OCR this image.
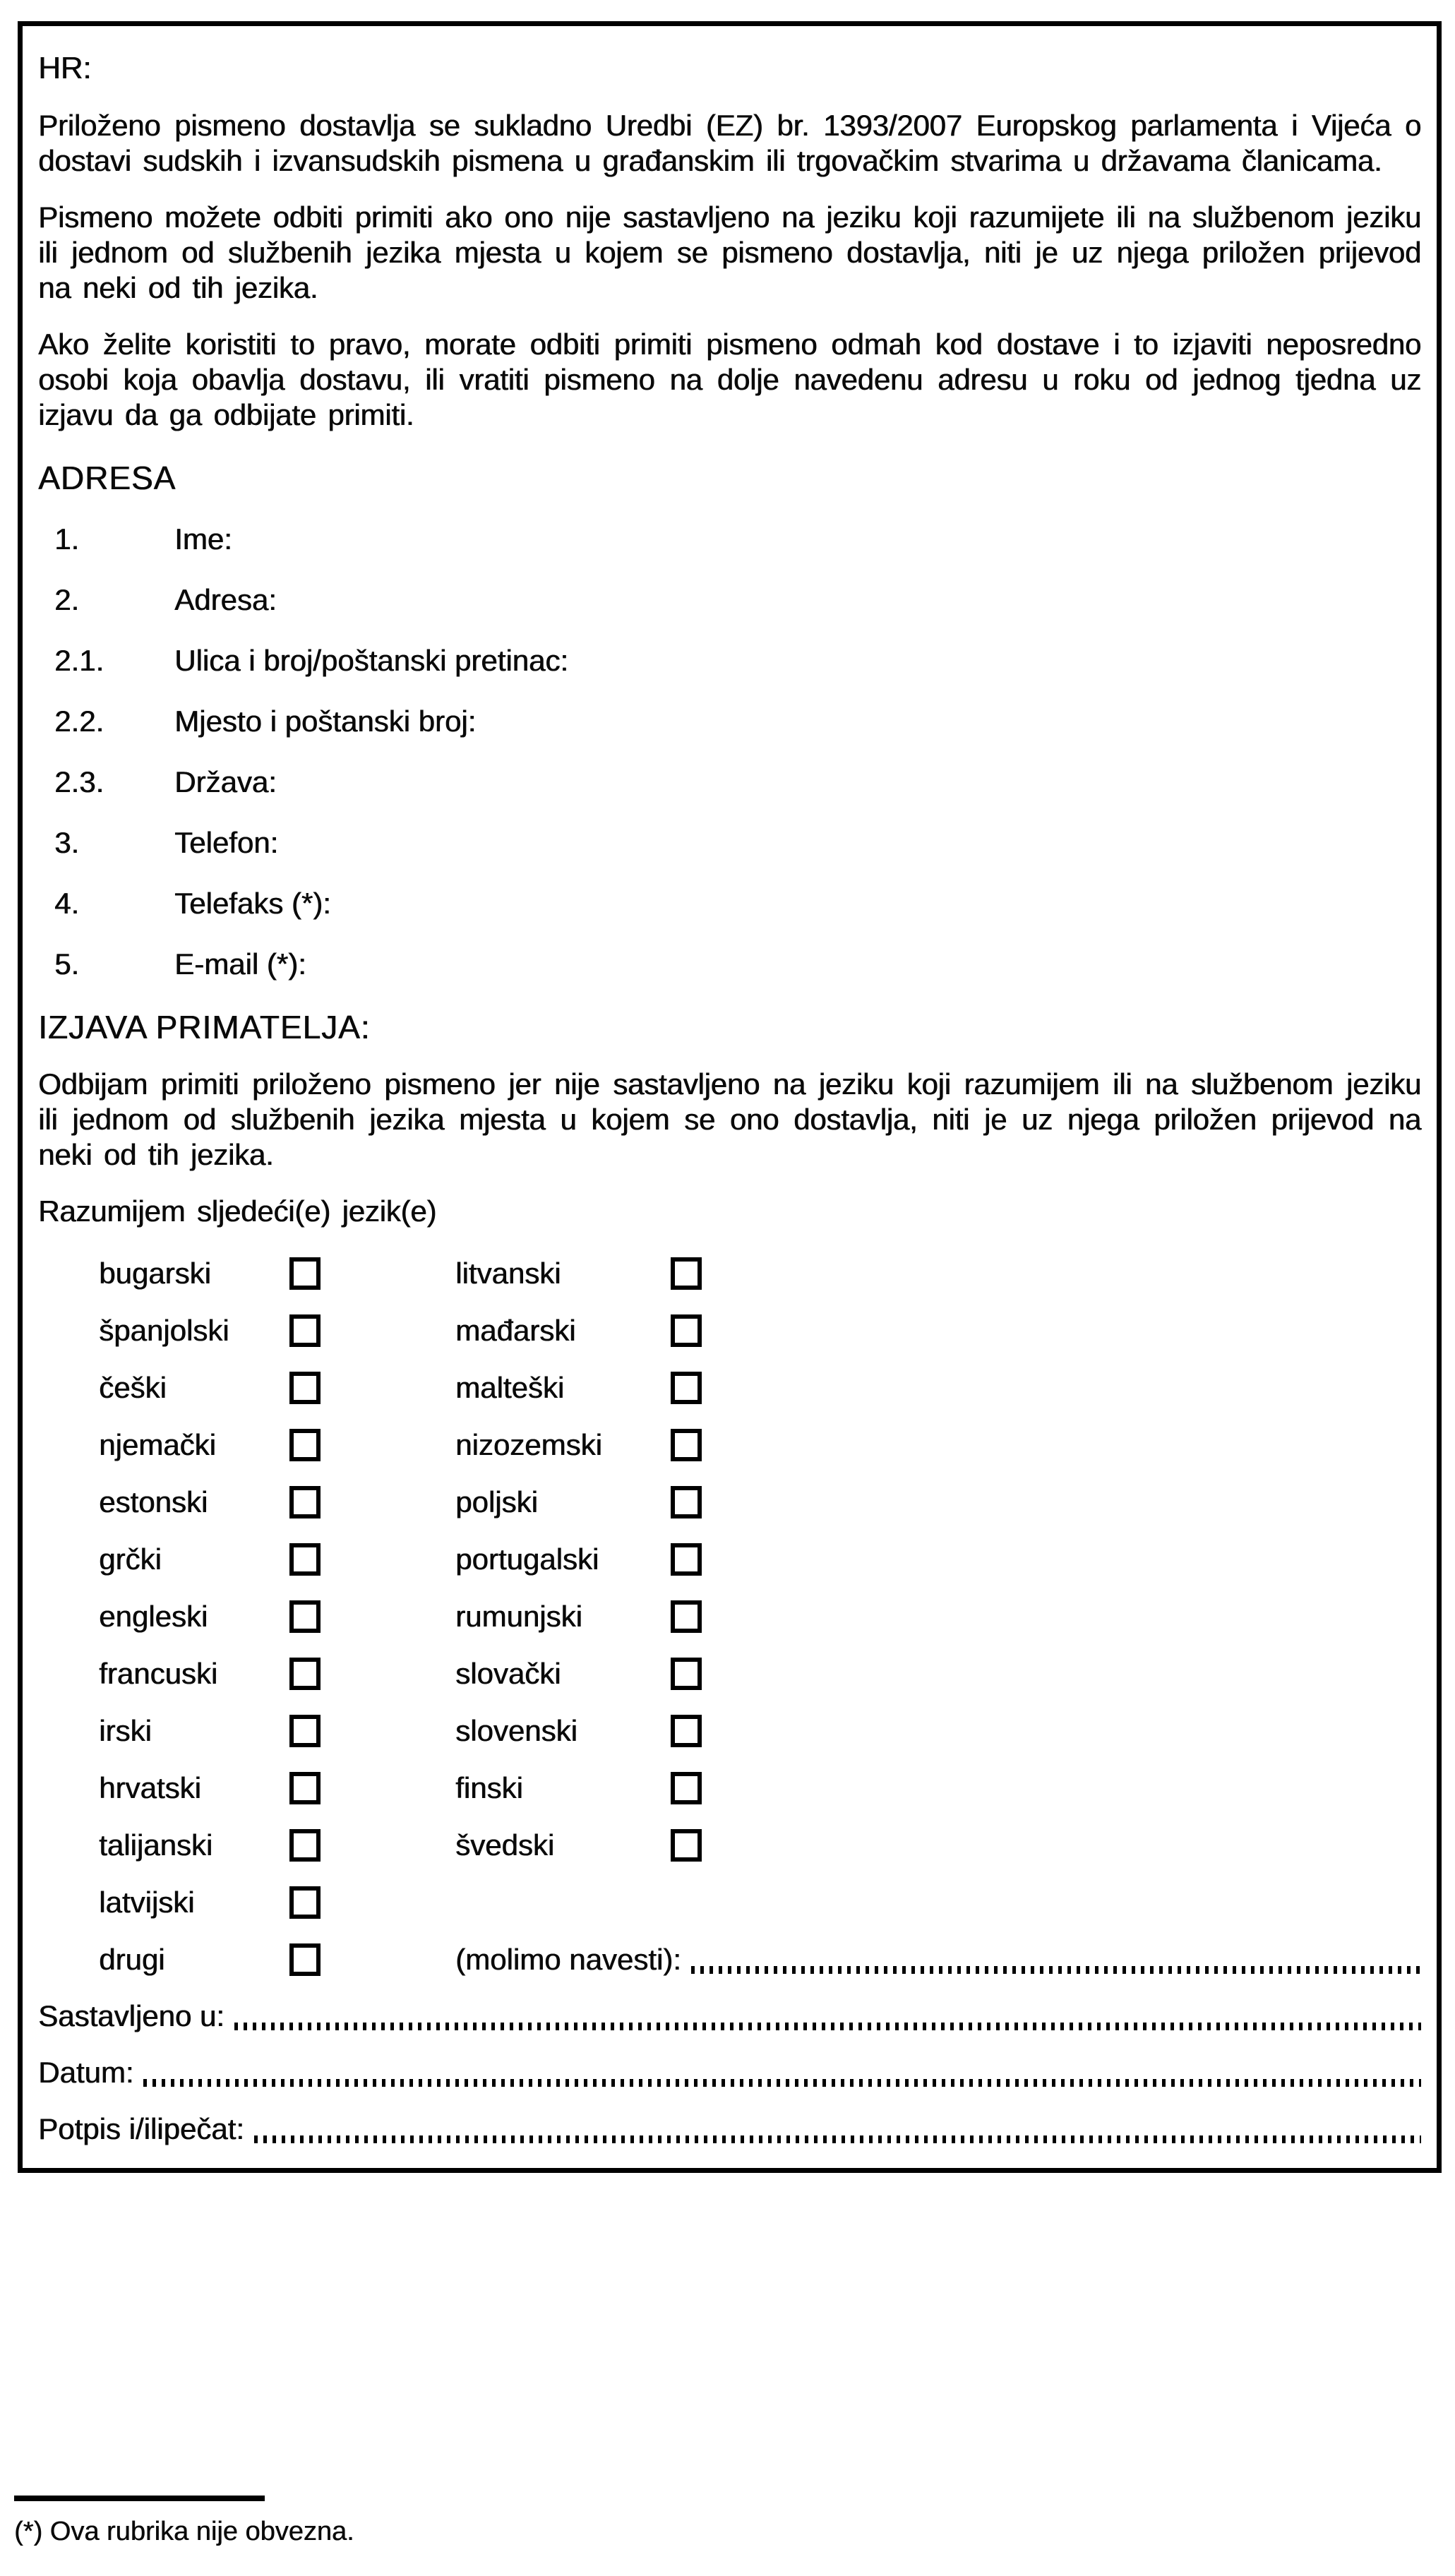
HR:

Priloženo pismeno dostavlja se sukladno Uredbi (EZ) br. 1393/2007 Europskog parlamenta i Vijeća o dostavi sudskih i izvansudskih pismena u građanskim ili trgovačkim stvarima u državama članicama.

Pismeno možete odbiti primiti ako ono nije sastavljeno na jeziku koji razumijete ili na službenom jeziku ili jednom od službenih jezika mjesta u kojem se pismeno dostavlja, niti je uz njega priložen prijevod na neki od tih jezika.

Ako želite koristiti to pravo, morate odbiti primiti pismeno odmah kod dostave i to izjaviti neposredno osobi koja obavlja dostavu, ili vratiti pismeno na dolje navedenu adresu u roku od jednog tjedna uz izjavu da ga odbijate primiti.

ADRESA

1.	Ime:
2.	Adresa:
2.1.	Ulica i broj/poštanski pretinac:
2.2.	Mjesto i poštanski broj:
2.3.	Država:
3.	Telefon:
4.	Telefaks (*):
5.	E-mail (*):

IZJAVA PRIMATELJA:

Odbijam primiti priloženo pismeno jer nije sastavljeno na jeziku koji razumijem ili na službenom jeziku ili jednom od službenih jezika mjesta u kojem se ono dostavlja, niti je uz njega priložen prijevod na neki od tih jezika.

Razumijem sljedeći(e) jezik(e)

bugarski	litvanski
španjolski	mađarski
češki	malteški
njemački	nizozemski
estonski	poljski
grčki	portugalski
engleski	rumunjski
francuski	slovački
irski	slovenski
hrvatski	finski
talijanski	švedski
latvijski
drugi	(molimo navesti):
Sastavljeno u:
Datum:
Potpis i/ilipečat:
(*) Ova rubrika nije obvezna.
